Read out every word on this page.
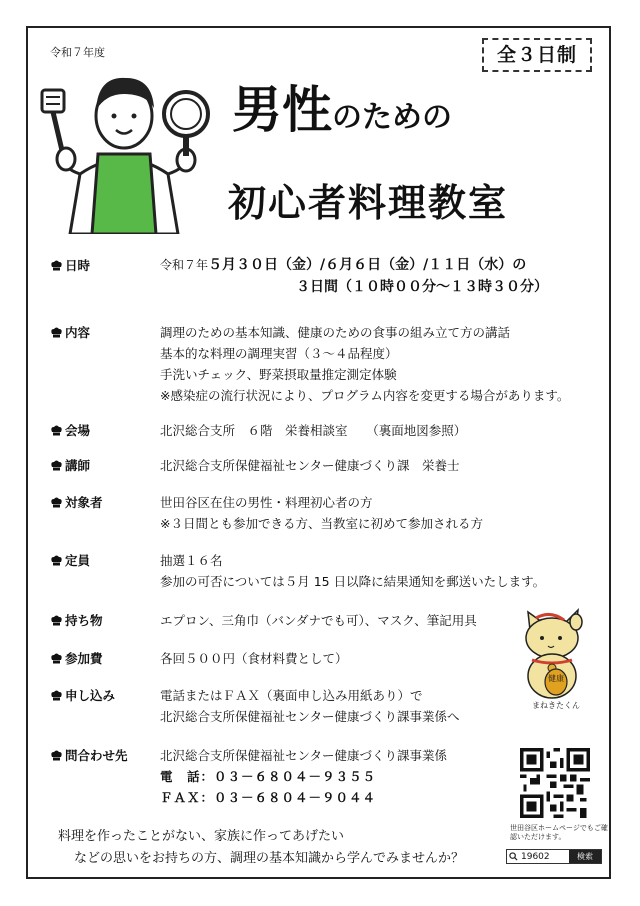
令和７年度	全３日制
男性のための
初心者料理教室
日時	令和７年５月３０日（金）/６月６日（金）/１１日（水）の
３日間（１０時００分～１３時３０分）
内容	調理のための基本知識、健康のための食事の組み立て方の講話
基本的な料理の調理実習（３～４品程度）
手洗いチェック、野菜摂取量推定測定体験
※感染症の流行状況により、プログラム内容を変更する場合があります。
会場	北沢総合支所　６階　栄養相談室　　（裏面地図参照）
講師	北沢総合支所保健福祉センター健康づくり課　栄養士
対象者	世田谷区在住の男性・料理初心者の方
※３日間とも参加できる方、当教室に初めて参加される方
定員	抽選１６名
参加の可否については５月 15 日以降に結果通知を郵送いたします。
持ち物	エプロン、三角巾（バンダナでも可）、マスク、筆記用具
参加費	各回５００円（食材料費として）
申し込み	電話またはＦＡＸ（裏面申し込み用紙あり）で
北沢総合支所保健福祉センター健康づくり課事業係へ
問合わせ先	北沢総合支所保健福祉センター健康づくり課事業係
電　話：０３－６８０４－９３５５
ＦＡＸ：０３－６８０４－９０４４
健康
まねきたくん
世田谷区ホームページでもご確認いただけます。
19602	検索
料理を作ったことがない、家族に作ってあげたい
などの思いをお持ちの方、調理の基本知識から学んでみませんか？
